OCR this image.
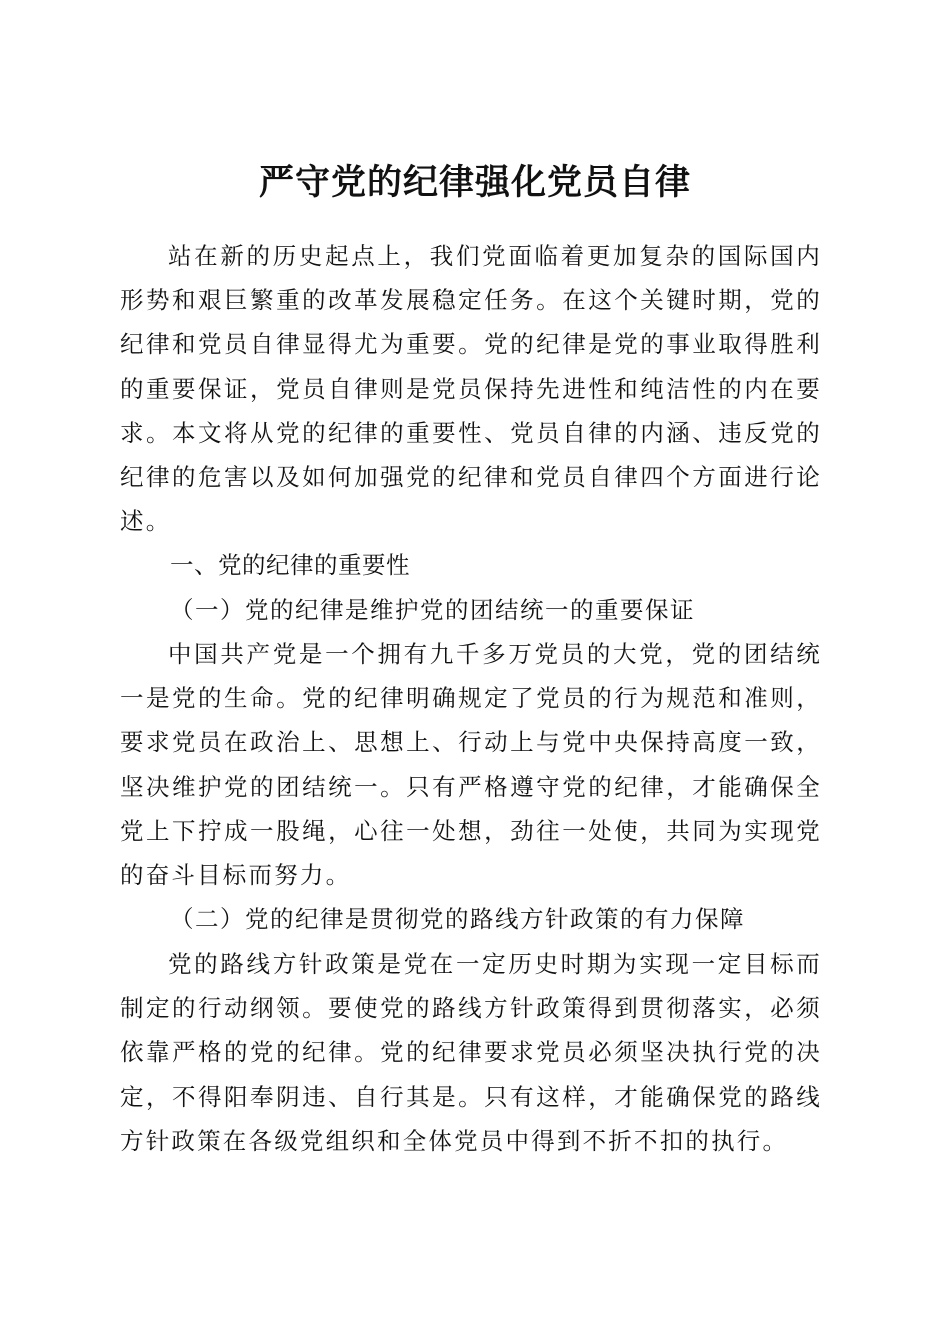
严守党的纪律强化党员自律

站在新的历史起点上，我们党面临着更加复杂的国际国内形势和艰巨繁重的改革发展稳定任务。在这个关键时期，党的纪律和党员自律显得尤为重要。党的纪律是党的事业取得胜利的重要保证，党员自律则是党员保持先进性和纯洁性的内在要求。本文将从党的纪律的重要性、党员自律的内涵、违反党的纪律的危害以及如何加强党的纪律和党员自律四个方面进行论述。

一、党的纪律的重要性
（一）党的纪律是维护党的团结统一的重要保证

中国共产党是一个拥有九千多万党员的大党，党的团结统一是党的生命。党的纪律明确规定了党员的行为规范和准则，要求党员在政治上、思想上、行动上与党中央保持高度一致，坚决维护党的团结统一。只有严格遵守党的纪律，才能确保全党上下拧成一股绳，心往一处想，劲往一处使，共同为实现党的奋斗目标而努力。

（二）党的纪律是贯彻党的路线方针政策的有力保障

党的路线方针政策是党在一定历史时期为实现一定目标而制定的行动纲领。要使党的路线方针政策得到贯彻落实，必须依靠严格的党的纪律。党的纪律要求党员必须坚决执行党的决定，不得阳奉阴违、自行其是。只有这样，才能确保党的路线方针政策在各级党组织和全体党员中得到不折不扣的执行。
